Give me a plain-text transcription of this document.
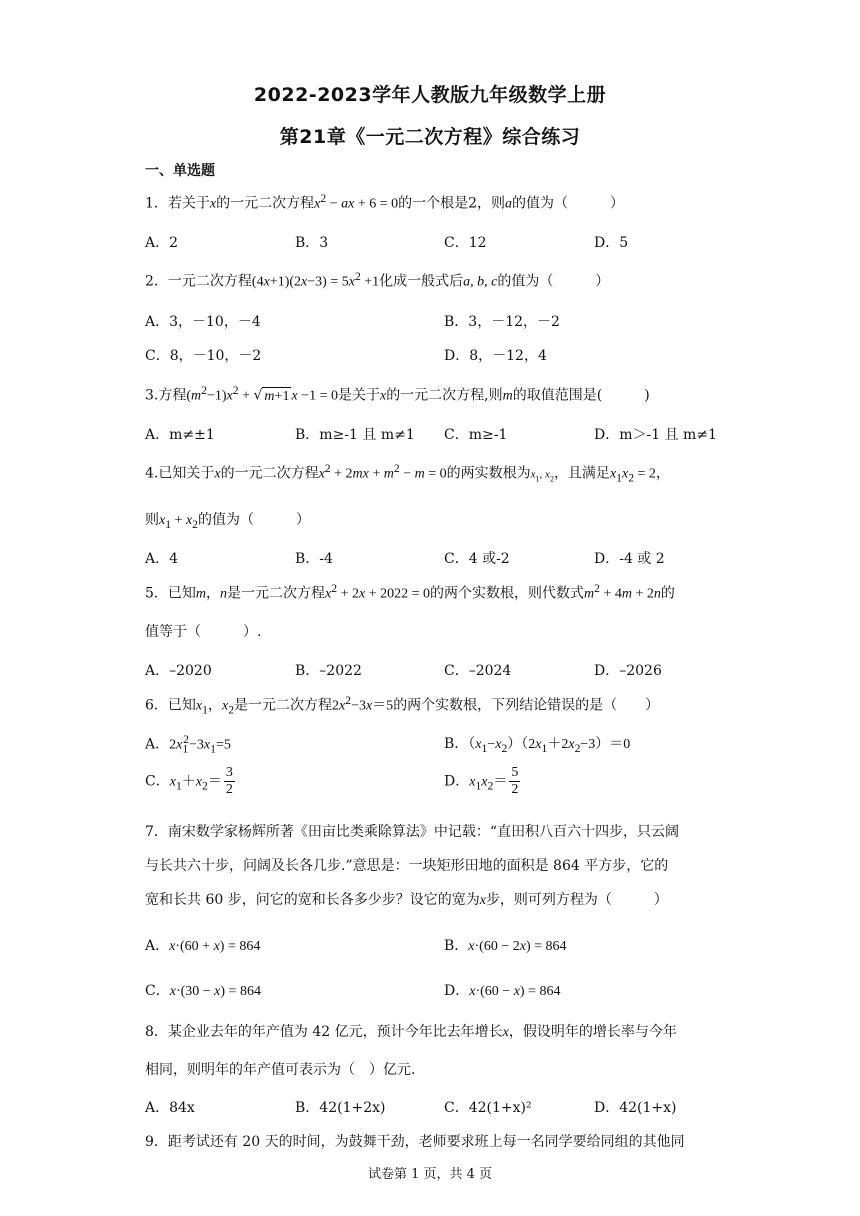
2022-2023学年人教版九年级数学上册
第21章《一元二次方程》综合练习
一、单选题
1．若关于x的一元二次方程$x^2$ − ax + 6 = 0的一个根是2，则a的值为（　　　）
A．2	B．3	C．12	D．5
2．一元二次方程$(4x+1)(2x-3) = 5x^2 +1$化成一般式后a, b, c的值为（　　　）
A．3，－10，－4	B．3，－12，－2
C．8，－10，－2	D．8，－12，4
3.方程$(m^2-1)x^2$ + √ m+1 x −1 = 0是关于x的一元二次方程,则m的取值范围是(　　　)
A．m≠±1	B．m≥-1 且 m≠1 C．m≥-1	D．m＞-1 且 m≠1
4.已知关于x的一元二次方程$x^2 + 2mx + m^2 - m = 0$的两实数根为$x_1$, $x_2$，且满足$x_1x_2 = 2$，
则$x_1 + x_2$的值为（　　　）
A．4	B．-4	C．4 或-2	D．-4 或 2
5．已知m，n是一元二次方程$x^2 + 2x + 2022 = 0$的两个实数根，则代数式$m^2 + 4m + 2n$的
值等于（　　　）.
A．–2020	B．–2022	C．–2024	D．–2026
6．已知$x_1$，$x_2$是一元二次方程$2x^2-3x=5$的两个实数根，下列结论错误的是（　　）
A．$2x_1^2-3x_1=5$	B．$(x_1-x_2)(2x_1+2x_2-3)=0$
C．$x_1+x_2= \frac{3}{2}$	D．$x_1x_2= \frac{5}{2}$
7．南宋数学家杨辉所著《田亩比类乘除算法》中记载：“直田积八百六十四步，只云阔
与长共六十步，问阔及长各几步.”意思是：一块矩形田地的面积是 864 平方步，它的
宽和长共 60 步，问它的宽和长各多少步？设它的宽为x步，则可列方程为（　　　）
A．x·(60 + x) = 864	B．x·(60 − 2x) = 864
C．x·(30 − x) = 864	D．x·(60 − x) = 864
8．某企业去年的年产值为 42 亿元，预计今年比去年增长x，假设明年的增长率与今年
相同，则明年的年产值可表示为（　）亿元.
A．84x	B．42(1+2x)	C．42(1+x)²	D．42(1+x)
9．距考试还有 20 天的时间，为鼓舞干劲，老师要求班上每一名同学要给同组的其他同
试卷第 1 页，共 4 页
